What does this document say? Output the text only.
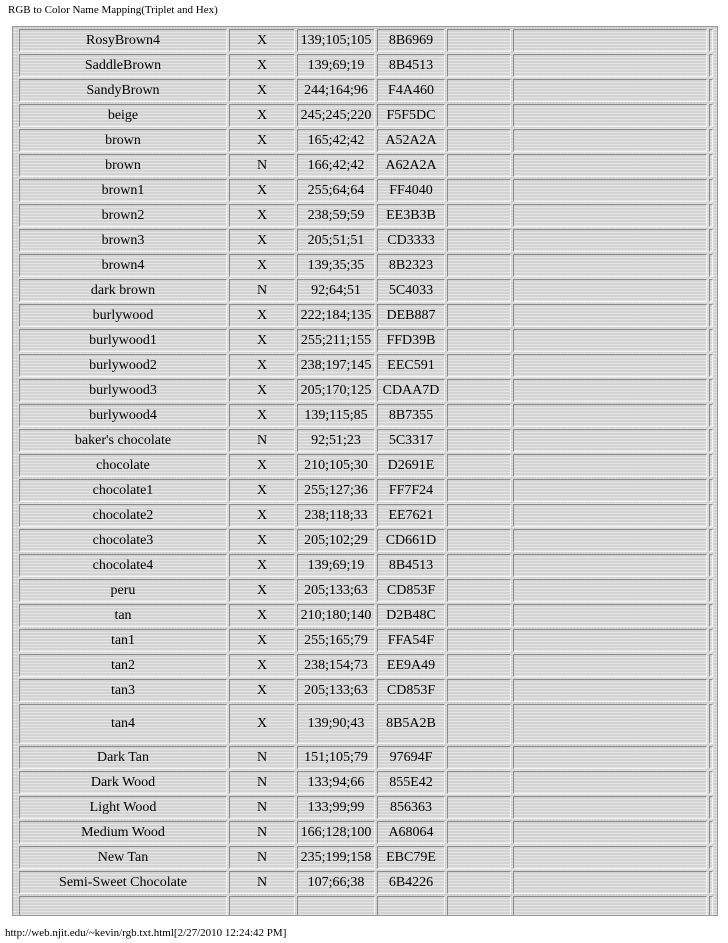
RGB to Color Name Mapping(Triplet and Hex)
RosyBrown4	X	139;105;105	8B6969			

SaddleBrown	X	139;69;19	8B4513			

SandyBrown	X	244;164;96	F4A460			

beige	X	245;245;220	F5F5DC			

brown	X	165;42;42	A52A2A			

brown	N	166;42;42	A62A2A			

brown1	X	255;64;64	FF4040			

brown2	X	238;59;59	EE3B3B			

brown3	X	205;51;51	CD3333			

brown4	X	139;35;35	8B2323			

dark brown	N	92;64;51	5C4033			

burlywood	X	222;184;135	DEB887			

burlywood1	X	255;211;155	FFD39B			

burlywood2	X	238;197;145	EEC591			

burlywood3	X	205;170;125	CDAA7D			

burlywood4	X	139;115;85	8B7355			

baker's chocolate	N	92;51;23	5C3317			

chocolate	X	210;105;30	D2691E			

chocolate1	X	255;127;36	FF7F24			

chocolate2	X	238;118;33	EE7621			

chocolate3	X	205;102;29	CD661D			

chocolate4	X	139;69;19	8B4513			

peru	X	205;133;63	CD853F			

tan	X	210;180;140	D2B48C			

tan1	X	255;165;79	FFA54F			

tan2	X	238;154;73	EE9A49			

tan3	X	205;133;63	CD853F			

tan4	X	139;90;43	8B5A2B			

Dark Tan	N	151;105;79	97694F			

Dark Wood	N	133;94;66	855E42			

Light Wood	N	133;99;99	856363			

Medium Wood	N	166;128;100	A68064			

New Tan	N	235;199;158	EBC79E			

Semi-Sweet Chocolate	N	107;66;38	6B4226			

http://web.njit.edu/~kevin/rgb.txt.html[2/27/2010 12:24:42 PM]
